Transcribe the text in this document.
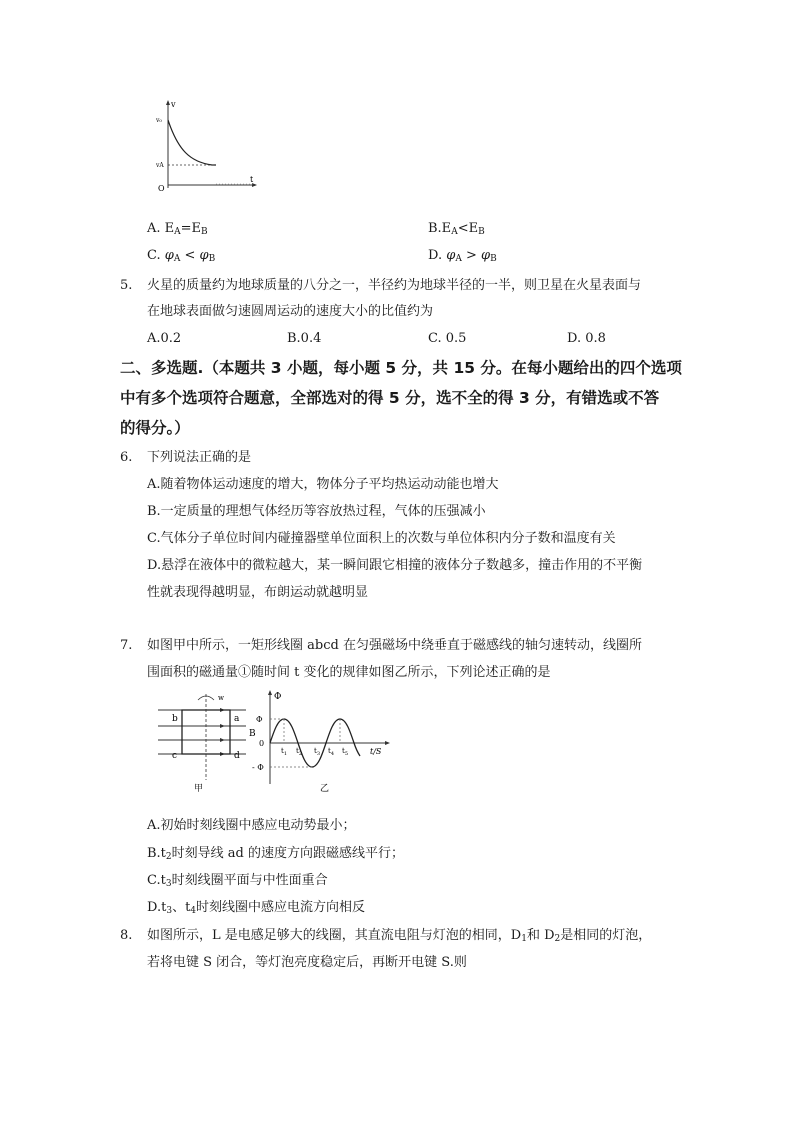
v
v₀
vA
O
t
A. $E_A=E_B$	$B.E_A<E_B$
C. $\varphi_A < \varphi_B$	D. $\varphi_A > \varphi_B$
5. 火星的质量约为地球质量的八分之一，半径约为地球半径的一半，则卫星在火星表面与
在地球表面做匀速圆周运动的速度大小的比值约为
A.0.2	B.0.4	C. 0.5	D. 0.8
二、多选题.（本题共 3 小题，每小题 5 分，共 15 分。在每小题给出的四个选项
中有多个选项符合题意，全部选对的得 5 分，选不全的得 3 分，有错选或不答
的得分。）
6. 下列说法正确的是
A.随着物体运动速度的增大，物体分子平均热运动动能也增大
B.一定质量的理想气体经历等容放热过程，气体的压强减小
C.气体分子单位时间内碰撞器壁单位面积上的次数与单位体积内分子数和温度有关
D.悬浮在液体中的微粒越大，某一瞬间跟它相撞的液体分子数越多，撞击作用的不平衡
性就表现得越明显，布朗运动就越明显
7. 如图甲中所示，一矩形线圈 abcd 在匀强磁场中绕垂直于磁感线的轴匀速转动，线圈所
围面积的磁通量①随时间 t 变化的规律如图乙所示，下列论述正确的是
b	a
B
c	d
w
甲
Φ
Φ
0
- Φ
$t_1$ $t_2$ $t_3$ $t_4$ $t_5$	t/S
乙
A.初始时刻线圈中感应电动势最小；
$B.t_2$时刻导线 ad 的速度方向跟磁感线平行；
$C.t_3$时刻线圈平面与中性面重合
$D.t_3$、$t_4$时刻线圈中感应电流方向相反
8. 如图所示，L 是电感足够大的线圈，其直流电阻与灯泡的相同，$D_1$和 $D_2$是相同的灯泡，
若将电键 S 闭合，等灯泡亮度稳定后，再断开电键 S.则
